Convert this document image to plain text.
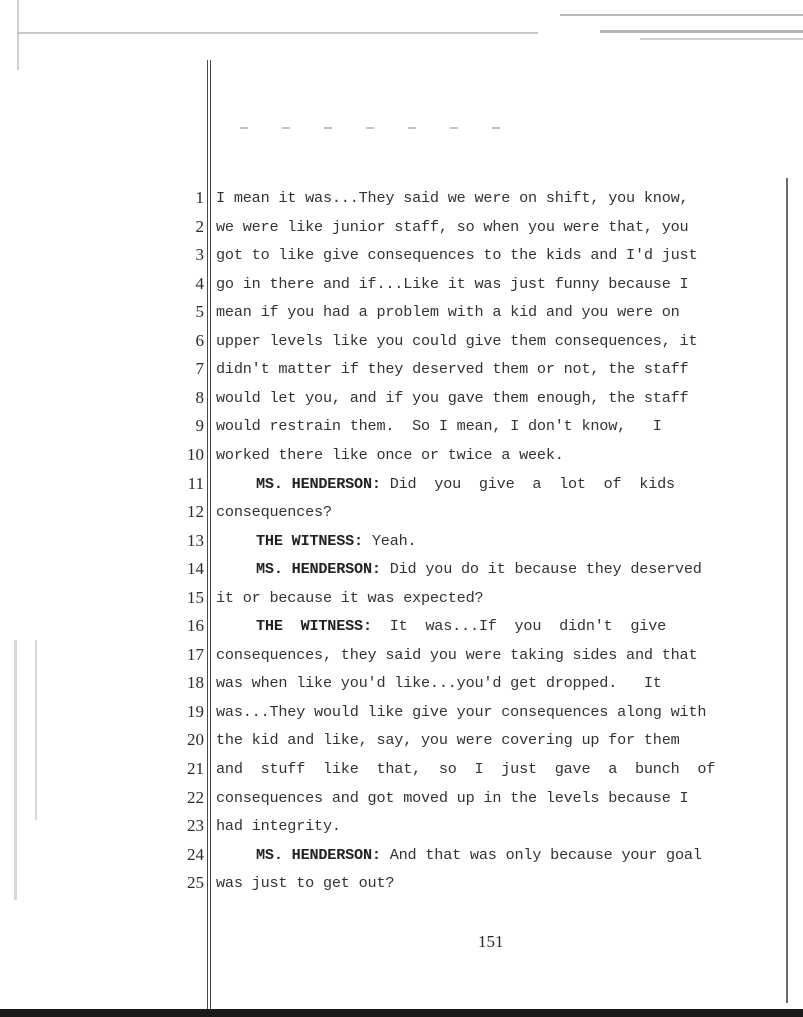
1
2
3
4
5
6
7
8
9
10
11
12
13
14
15
16
17
18
19
20
21
22
23
24
25
I mean it was...They said we were on shift, you know,
we were like junior staff, so when you were that, you
got to like give consequences to the kids and I'd just
go in there and if...Like it was just funny because I
mean if you had a problem with a kid and you were on
upper levels like you could give them consequences, it
didn't matter if they deserved them or not, the staff
would let you, and if you gave them enough, the staff
would restrain them.  So I mean, I don't know,   I
worked there like once or twice a week.
MS. HENDERSON: Did  you  give  a  lot  of  kids
consequences?
THE WITNESS: Yeah.
MS. HENDERSON: Did you do it because they deserved
it or because it was expected?
THE  WITNESS:  It  was...If  you  didn't  give
consequences, they said you were taking sides and that
was when like you'd like...you'd get dropped.   It
was...They would like give your consequences along with
the kid and like, say, you were covering up for them
and  stuff  like  that,  so  I  just  gave  a  bunch  of
consequences and got moved up in the levels because I
had integrity.
MS. HENDERSON: And that was only because your goal
was just to get out?
151
